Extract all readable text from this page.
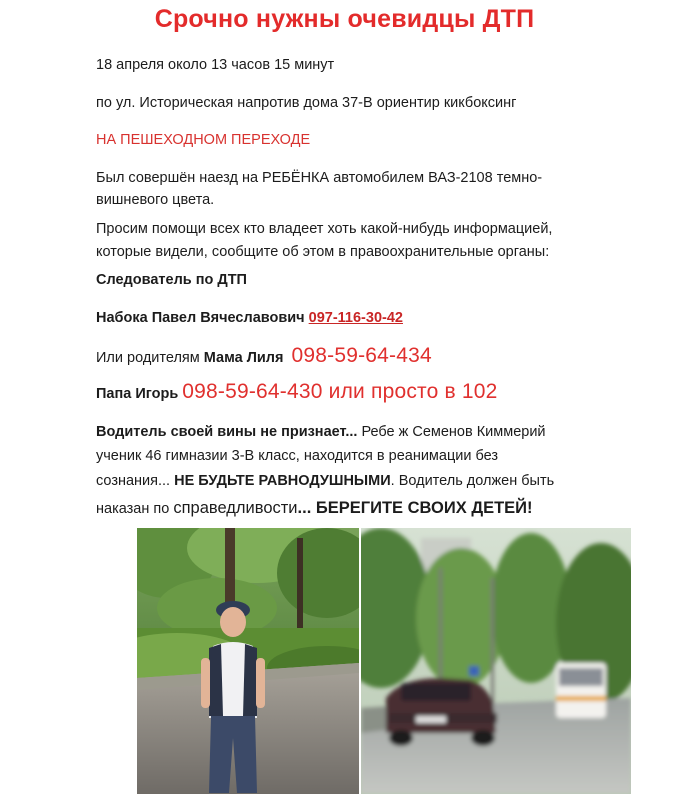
Срочно нужны очевидцы ДТП
18 апреля около 13 часов 15 минут
по ул. Историческая напротив дома 37-В ориентир кикбоксинг
НА ПЕШЕХОДНОМ ПЕРЕХОДЕ
Был совершён наезд на РЕБЁНКА автомобилем ВАЗ-2108 темно-
вишневого цвета.
Просим помощи всех кто владеет хоть какой-нибудь информацией,
которые видели, сообщите об этом в правоохранительные органы:
Следователь по ДТП
Набока Павел Вячеславович 097-116-30-42
Или родителям Мама Лиля 098-59-64-434
Папа Игорь 098-59-64-430 или просто в 102
Водитель своей вины не признает... Ребе ж Семенов Киммерий
ученик 46 гимназии 3-В класс, находится в реанимации без
сознания... НЕ БУДЬТЕ РАВНОДУШНЫМИ. Водитель должен быть
наказан по справедливости... БЕРЕГИТЕ СВОИХ ДЕТЕЙ!
